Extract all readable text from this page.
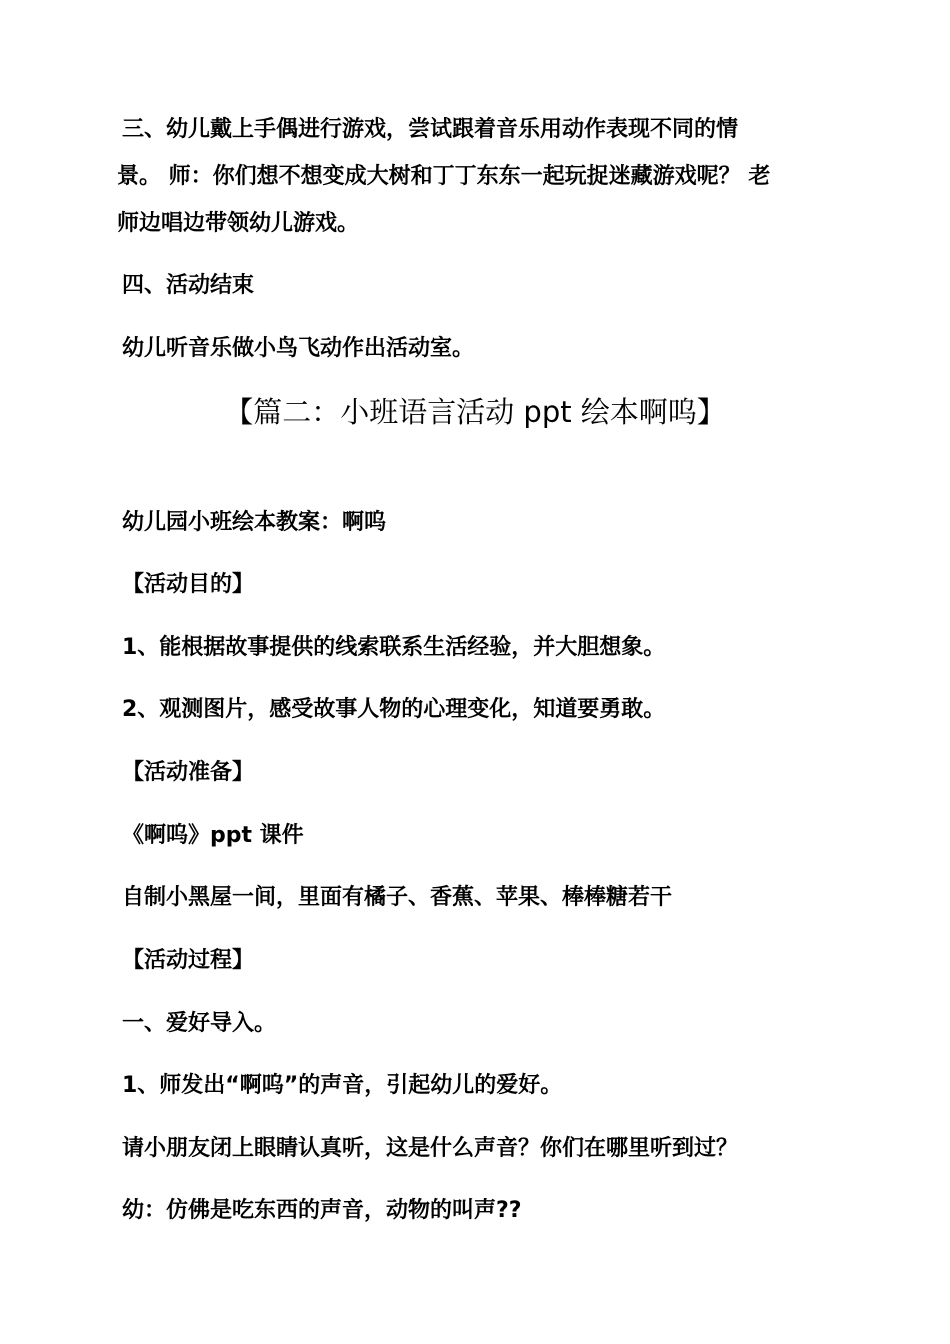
三、幼儿戴上手偶进行游戏，尝试跟着音乐用动作表现不同的情
景。 师：你们想不想变成大树和丁丁东东一起玩捉迷藏游戏呢？ 老
师边唱边带领幼儿游戏。
四、活动结束
幼儿听音乐做小鸟飞动作出活动室。
【篇二：小班语言活动 ppt 绘本啊呜】
幼儿园小班绘本教案：啊呜
【活动目的】
1、能根据故事提供的线索联系生活经验，并大胆想象。
2、观测图片，感受故事人物的心理变化，知道要勇敢。
【活动准备】
《啊呜》ppt 课件
自制小黑屋一间，里面有橘子、香蕉、苹果、棒棒糖若干
【活动过程】
一、爱好导入。
1、师发出“啊呜”的声音，引起幼儿的爱好。
请小朋友闭上眼睛认真听，这是什么声音？你们在哪里听到过？
幼：仿佛是吃东西的声音，动物的叫声??
